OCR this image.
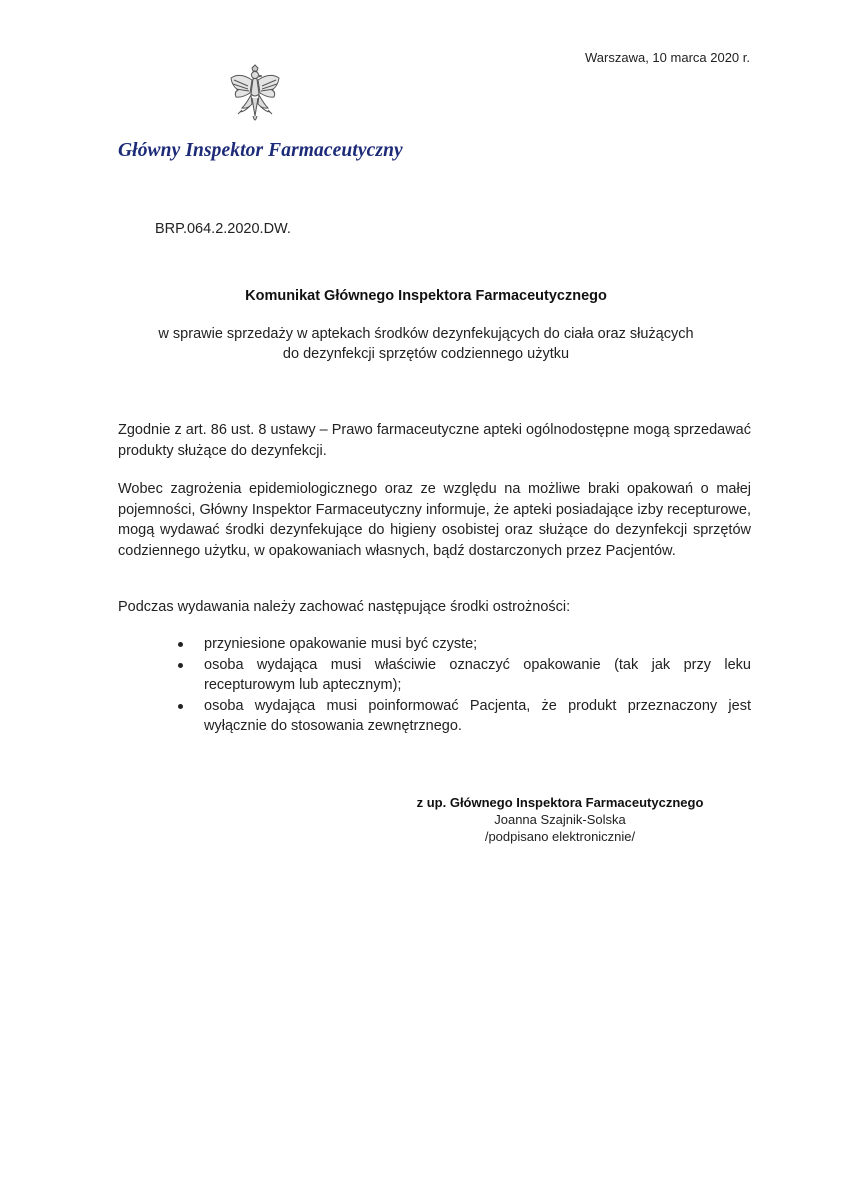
Warszawa, 10 marca 2020 r.
Główny Inspektor Farmaceutyczny
BRP.064.2.2020.DW.
Komunikat Głównego Inspektora Farmaceutycznego
w sprawie sprzedaży w aptekach środków dezynfekujących do ciała oraz służących
do dezynfekcji sprzętów codziennego użytku
Zgodnie z art. 86 ust. 8 ustawy – Prawo farmaceutyczne apteki ogólnodostępne mogą sprzedawać produkty służące do dezynfekcji.
Wobec zagrożenia epidemiologicznego oraz ze względu na możliwe braki opakowań o małej pojemności, Główny Inspektor Farmaceutyczny informuje, że apteki posiadające izby recepturowe, mogą wydawać środki dezynfekujące do higieny osobistej oraz służące do dezynfekcji sprzętów codziennego użytku, w opakowaniach własnych, bądź dostarczonych przez Pacjentów.
Podczas wydawania należy zachować następujące środki ostrożności:
przyniesione opakowanie musi być czyste;
osoba wydająca musi właściwie oznaczyć opakowanie (tak jak przy leku recepturowym lub aptecznym);
osoba wydająca musi poinformować Pacjenta, że produkt przeznaczony jest wyłącznie do stosowania zewnętrznego.
z up. Głównego Inspektora Farmaceutycznego
Joanna Szajnik-Solska
/podpisano elektronicznie/
